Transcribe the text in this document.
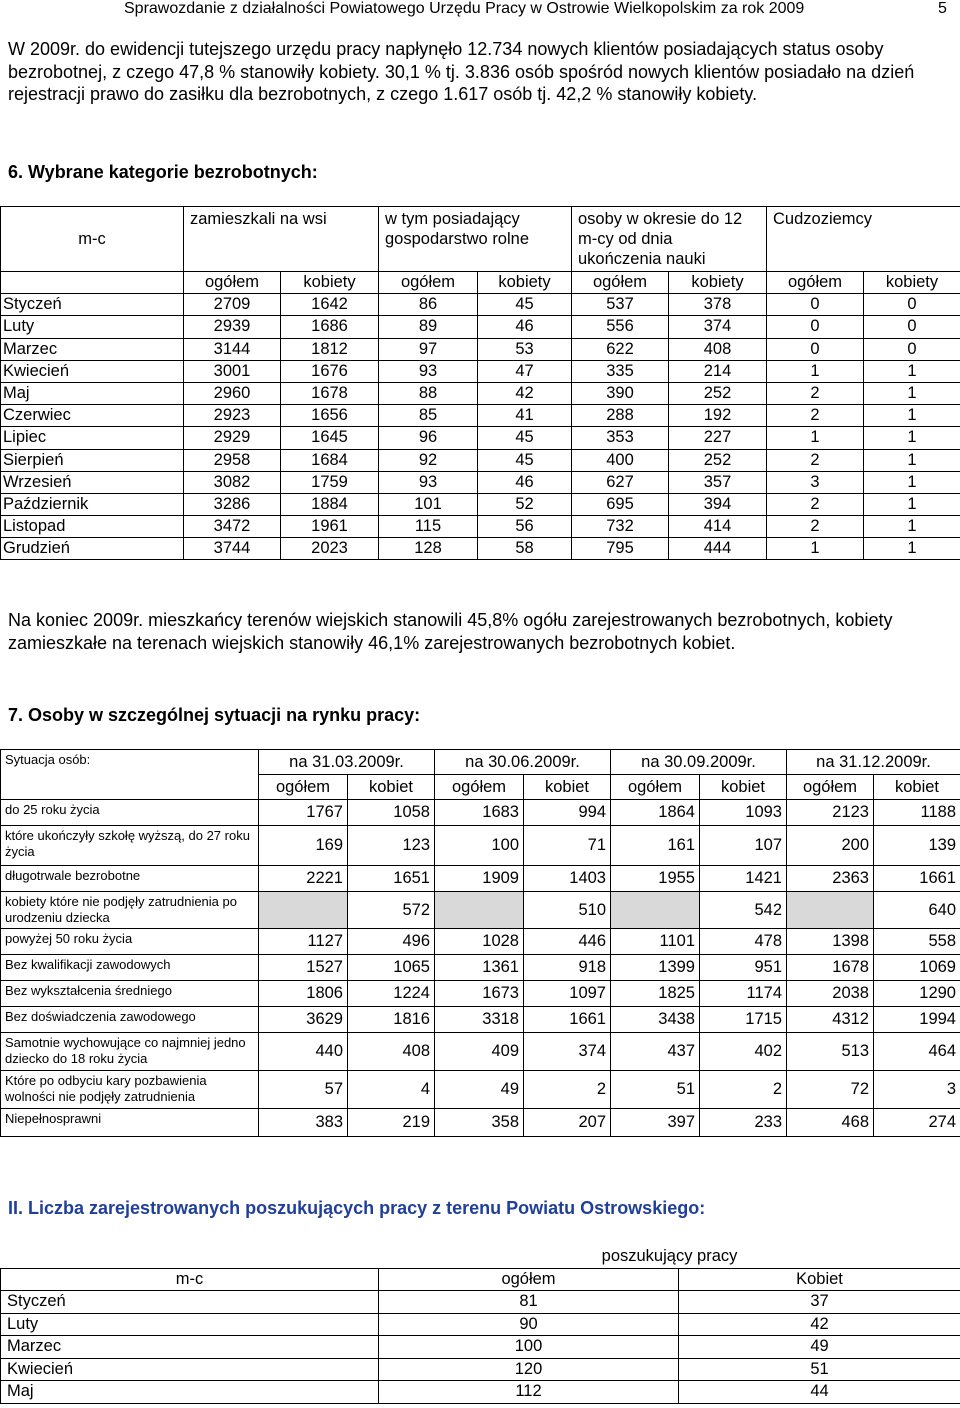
Sprawozdanie z działalności Powiatowego Urzędu Pracy w Ostrowie Wielkopolskim za rok 2009	5

W 2009r. do ewidencji tutejszego urzędu pracy napłynęło 12.734 nowych klientów posiadających status osoby bezrobotnej, z czego 47,8 % stanowiły kobiety. 30,1 % tj. 3.836 osób spośród nowych klientów posiadało na dzień rejestracji prawo do zasiłku dla bezrobotnych, z czego 1.617 osób tj. 42,2 % stanowiły kobiety.

6. Wybrane kategorie bezrobotnych:
m-c	zamieszkali na wsi		w tym posiadający gospodarstwo rolne		osoby w okresie do 12 m-cy od dnia ukończenia nauki		Cudzoziemcy	
	ogółem	kobiety	ogółem	kobiety	ogółem	kobiety	ogółem	kobiety
Styczeń	2709	1642	86	45	537	378	0	0
Luty	2939	1686	89	46	556	374	0	0
Marzec	3144	1812	97	53	622	408	0	0
Kwiecień	3001	1676	93	47	335	214	1	1
Maj	2960	1678	88	42	390	252	2	1
Czerwiec	2923	1656	85	41	288	192	2	1
Lipiec	2929	1645	96	45	353	227	1	1
Sierpień	2958	1684	92	45	400	252	2	1
Wrzesień	3082	1759	93	46	627	357	3	1
Październik	3286	1884	101	52	695	394	2	1
Listopad	3472	1961	115	56	732	414	2	1
Grudzień	3744	2023	128	58	795	444	1	1

Na koniec 2009r. mieszkańcy terenów wiejskich stanowili 45,8% ogółu zarejestrowanych bezrobotnych, kobiety zamieszkałe na terenach wiejskich stanowiły 46,1% zarejestrowanych bezrobotnych kobiet.

7. Osoby w szczególnej sytuacji na rynku pracy:
Sytuacja osób:	na 31.03.2009r.		na 30.06.2009r.		na 30.09.2009r.		na 31.12.2009r.	
	ogółem	kobiet	ogółem	kobiet	ogółem	kobiet	ogółem	kobiet
do 25 roku życia	1767	1058	1683	994	1864	1093	2123	1188
które ukończyły szkołę wyższą, do 27 roku życia	169	123	100	71	161	107	200	139
długotrwale bezrobotne	2221	1651	1909	1403	1955	1421	2363	1661
kobiety które nie podjęły zatrudnienia po urodzeniu dziecka		572		510		542		640
powyżej 50 roku życia	1127	496	1028	446	1101	478	1398	558
Bez kwalifikacji zawodowych	1527	1065	1361	918	1399	951	1678	1069
Bez wykształcenia średniego	1806	1224	1673	1097	1825	1174	2038	1290
Bez doświadczenia zawodowego	3629	1816	3318	1661	3438	1715	4312	1994
Samotnie wychowujące co najmniej jedno dziecko do 18 roku życia	440	408	409	374	437	402	513	464
Które po odbyciu kary pozbawienia wolności nie podjęły zatrudnienia	57	4	49	2	51	2	72	3
Niepełnosprawni	383	219	358	207	397	233	468	274
II. Liczba zarejestrowanych poszukujących pracy z terenu Powiatu Ostrowskiego:
	poszukujący pracy	
m-c	ogółem	Kobiet
Styczeń	81	37
Luty	90	42
Marzec	100	49
Kwiecień	120	51
Maj	112	44
